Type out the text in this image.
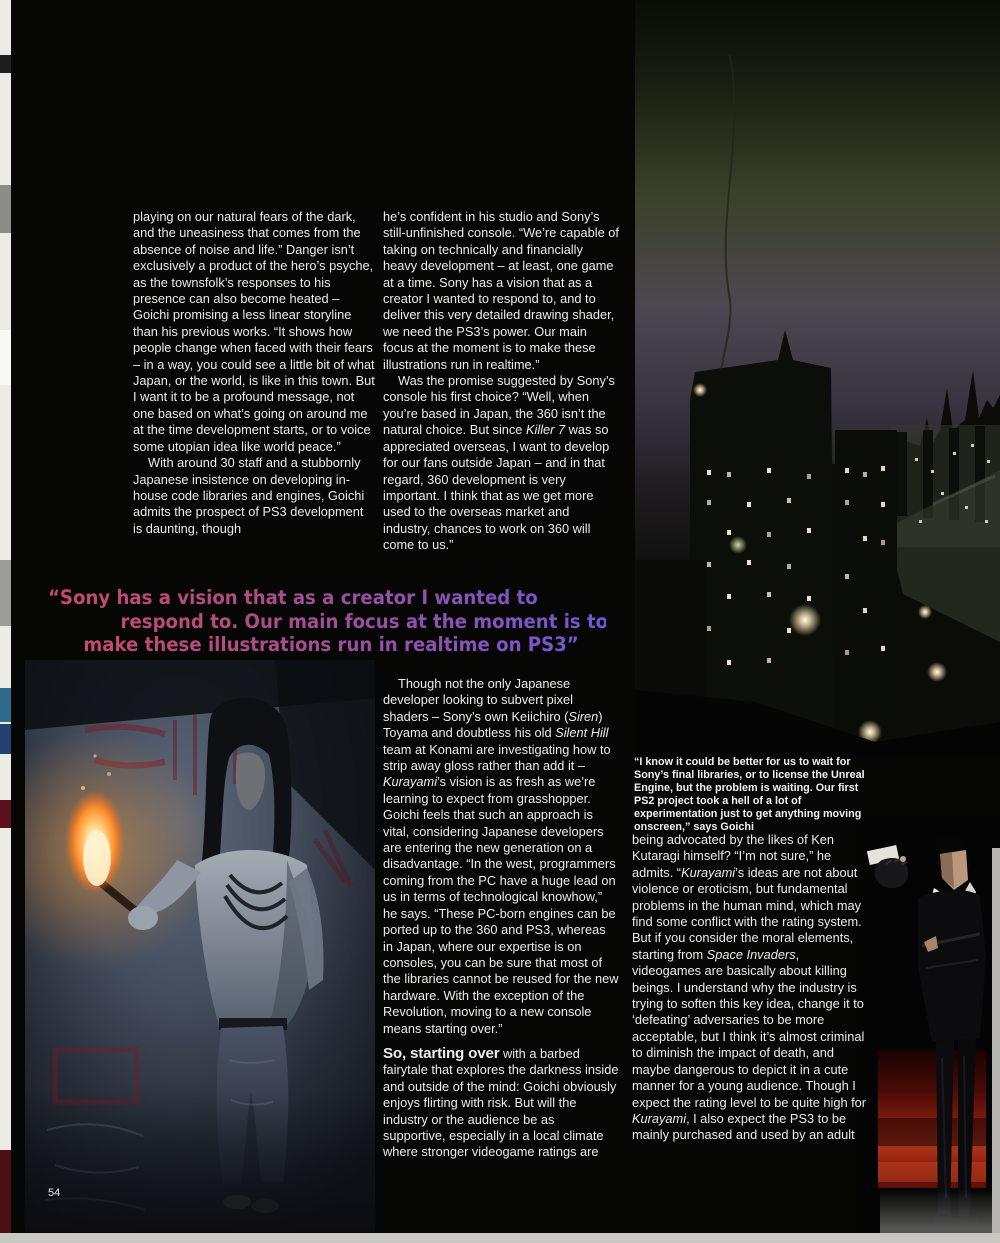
playing on our natural fears of the dark, and the uneasiness that comes from the absence of noise and life.” Danger isn’t exclusively a product of the hero’s psyche, as the townsfolk’s responses to his presence can also become heated – Goichi promising a less linear storyline than his previous works. “It shows how people change when faced with their fears – in a way, you could see a little bit of what Japan, or the world, is like in this town. But I want it to be a profound message, not one based on what’s going on around me at the time development starts, or to voice some utopian idea like world peace.”

With around 30 staff and a stubbornly Japanese insistence on developing in-house code libraries and engines, Goichi admits the prospect of PS3 development is daunting, though

he’s confident in his studio and Sony’s still-unfinished console. “We’re capable of taking on technically and financially heavy development – at least, one game at a time. Sony has a vision that as a creator I wanted to respond to, and to deliver this very detailed drawing shader, we need the PS3’s power. Our main focus at the moment is to make these illustrations run in realtime.”

Was the promise suggested by Sony’s console his first choice? “Well, when you’re based in Japan, the 360 isn’t the natural choice. But since Killer 7 was so appreciated overseas, I want to develop for our fans outside Japan – and in that regard, 360 development is very important. I think that as we get more used to the overseas market and industry, chances to work on 360 will come to us.”

“Sony has a vision that as a creator I wanted to
respond to. Our main focus at the moment is to
make these illustrations run in realtime on PS3”

Though not the only Japanese developer looking to subvert pixel shaders – Sony’s own Keiichiro (Siren) Toyama and doubtless his old Silent Hill team at Konami are investigating how to strip away gloss rather than add it – Kurayami’s vision is as fresh as we’re learning to expect from grasshopper. Goichi feels that such an approach is vital, considering Japanese developers are entering the new generation on a disadvantage. “In the west, programmers coming from the PC have a huge lead on us in terms of technological knowhow,” he says. “These PC-born engines can be ported up to the 360 and PS3, whereas in Japan, where our expertise is on consoles, you can be sure that most of the libraries cannot be reused for the new hardware. With the exception of the Revolution, moving to a new console means starting over.”

So, starting over with a barbed fairytale that explores the darkness inside and outside of the mind: Goichi obviously enjoys flirting with risk. But will the industry or the audience be as supportive, especially in a local climate where stronger videogame ratings are

“I know it could be better for us to wait for Sony’s final libraries, or to license the Unreal Engine, but the problem is waiting. Our first PS2 project took a hell of a lot of experimentation just to get anything moving onscreen,” says Goichi

being advocated by the likes of Ken Kutaragi himself? “I’m not sure,” he admits. “Kurayami’s ideas are not about violence or eroticism, but fundamental problems in the human mind, which may find some conflict with the rating system. But if you consider the moral elements, starting from Space Invaders, videogames are basically about killing beings. I understand why the industry is trying to soften this key idea, change it to ‘defeating’ adversaries to be more acceptable, but I think it’s almost criminal to diminish the impact of death, and maybe dangerous to depict it in a cute manner for a young audience. Though I expect the rating level to be quite high for Kurayami, I also expect the PS3 to be mainly purchased and used by an adult

54
